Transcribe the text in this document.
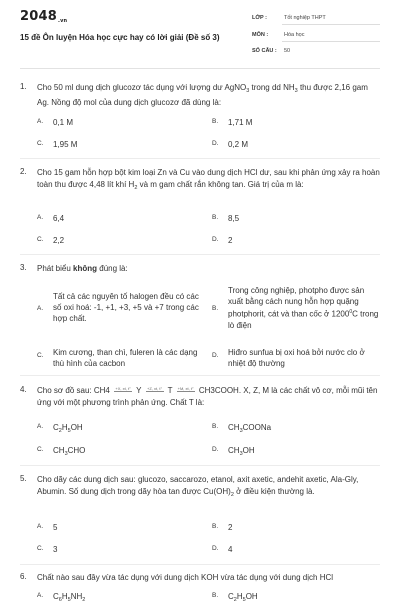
2048.vn
15 đề Ôn luyện Hóa học cực hay có lời giải (Đề số 3)
LỚP :	Tốt nghiệp THPT
MÔN :	Hóa học
SỐ CÂU : 50
1. Cho 50 ml dung dịch glucozơ tác dụng với lượng dư AgNO$_3$ trong dd $NH_3$ thu được 2,16 gam Ag. Nồng độ mol của dung dịch glucozơ đã dùng là:
A. 0,1 M	B. 1,71 M
C. 1,95 M	D. 0,2 M
2. Cho 15 gam hỗn hợp bột kim loại Zn và Cu vào dung dịch HCl dư, sau khi phản ứng xảy ra hoàn toàn thu được 4,48 lít khí $H_2$ và m gam chất rắn không tan. Giá trị của m là:
A. 6,4	B. 8,5
C. 2,2	D. 2
3. Phát biểu không đúng là:
A.
Tất cả các nguyên tố halogen đều có các số oxi hoá: -1, +1, +3, +5 và +7 trong các hợp chất.
B.
Trong công nghiệp, photpho được sản xuất bằng cách nung hỗn hợp quặng photphorit, cát và than cốc ở 1200$^0$C trong lò điện
C. Kim cương, than chì, fuleren là các dạng thù hình của cacbon
D. Hiđro sunfua bị oxi hoá bởi nước clo ở nhiệt độ thường
4. Cho sơ đồ sau: CH4 +X, xt, t° Y +Z, xt, t° T +M, xt, t° CH3COOH. X, Z, M là các chất vô cơ, mỗi mũi tên ứng với một phương trình phản ứng. Chất T là:
A. $C_2H_5OH$	B. $CH_3COONa$
C. $CH_3CHO$	D. $CH_3OH$
5. Cho dãy các dung dịch sau: glucozo, saccarozo, etanol, axit axetic, andehit axetic, Ala-Gly, Abumin. Số dung dịch trong dãy hòa tan được $Cu(OH)_2$ ở điều kiện thường là.
A. 5	B. 2
C. 3	D. 4
6. Chất nào sau đây vừa tác dụng với dung dịch KOH vừa tác dụng với dung dịch HCl
A. $C_6H_5NH_2$
B. $C_2H_5OH$
